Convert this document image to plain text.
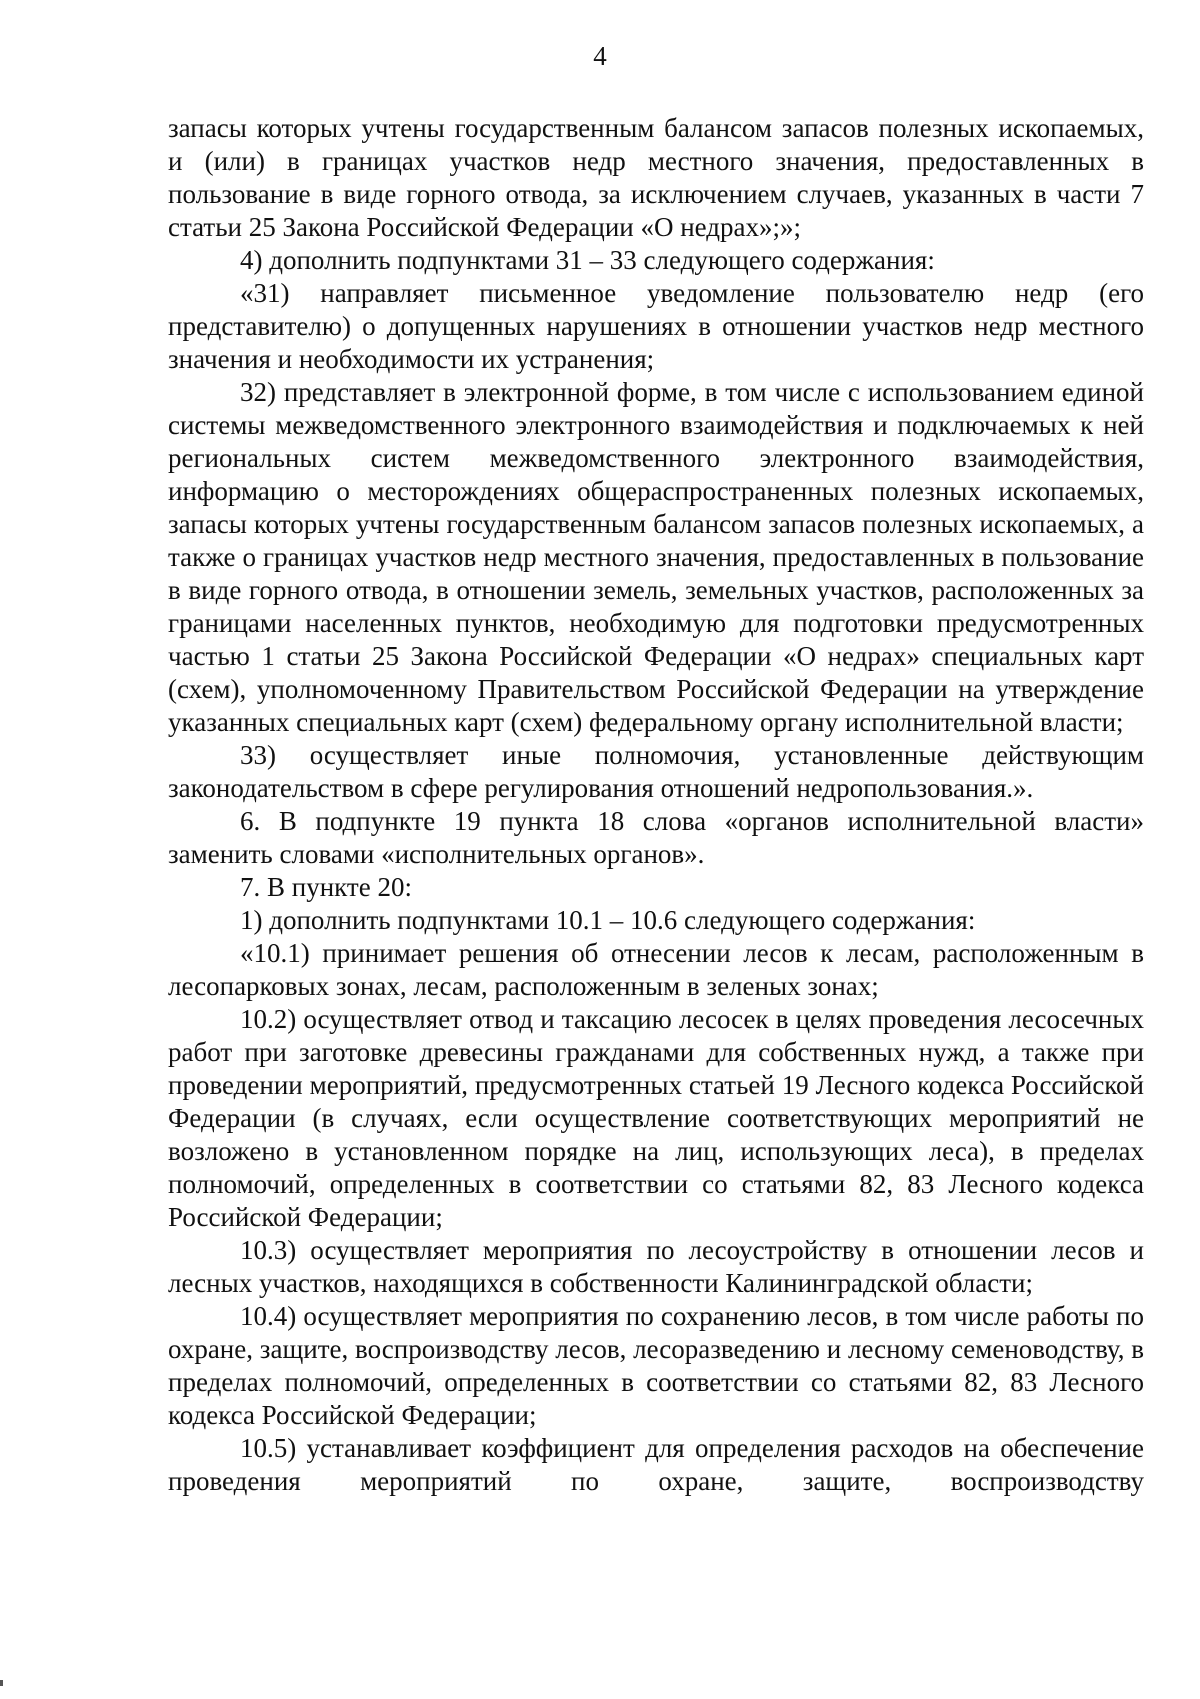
4

запасы которых учтены государственным балансом запасов полезных ископаемых, и (или) в границах участков недр местного значения, предоставленных в пользование в виде горного отвода, за исключением случаев, указанных в части 7 статьи 25 Закона Российской Федерации «О недрах»;»;

4) дополнить подпунктами 31 – 33 следующего содержания:

«31) направляет письменное уведомление пользователю недр (его представителю) о допущенных нарушениях в отношении участков недр местного значения и необходимости их устранения;

32) представляет в электронной форме, в том числе с использованием единой системы межведомственного электронного взаимодействия и подключаемых к ней региональных систем межведомственного электронного взаимодействия, информацию о месторождениях общераспространенных полезных ископаемых, запасы которых учтены государственным балансом запасов полезных ископаемых, а также о границах участков недр местного значения, предоставленных в пользование в виде горного отвода, в отношении земель, земельных участков, расположенных за границами населенных пунктов, необходимую для подготовки предусмотренных частью 1 статьи 25 Закона Российской Федерации «О недрах» специальных карт (схем), уполномоченному Правительством Российской Федерации на утверждение указанных специальных карт (схем) федеральному органу исполнительной власти;

33) осуществляет иные полномочия, установленные действующим законодательством в сфере регулирования отношений недропользования.».

6. В подпункте 19 пункта 18 слова «органов исполнительной власти» заменить словами «исполнительных органов».

7. В пункте 20:

1) дополнить подпунктами 10.1 – 10.6 следующего содержания:

«10.1) принимает решения об отнесении лесов к лесам, расположенным в лесопарковых зонах, лесам, расположенным в зеленых зонах;

10.2) осуществляет отвод и таксацию лесосек в целях проведения лесосечных работ при заготовке древесины гражданами для собственных нужд, а также при проведении мероприятий, предусмотренных статьей 19 Лесного кодекса Российской Федерации (в случаях, если осуществление соответствующих мероприятий не возложено в установленном порядке на лиц, использующих леса), в пределах полномочий, определенных в соответствии со статьями 82, 83 Лесного кодекса Российской Федерации;

10.3) осуществляет мероприятия по лесоустройству в отношении лесов и лесных участков, находящихся в собственности Калининградской области;

10.4) осуществляет мероприятия по сохранению лесов, в том числе работы по охране, защите, воспроизводству лесов, лесоразведению и лесному семеноводству, в пределах полномочий, определенных в соответствии со статьями 82, 83 Лесного кодекса Российской Федерации;

10.5) устанавливает коэффициент для определения расходов на обеспечение проведения мероприятий по охране, защите, воспроизводству
